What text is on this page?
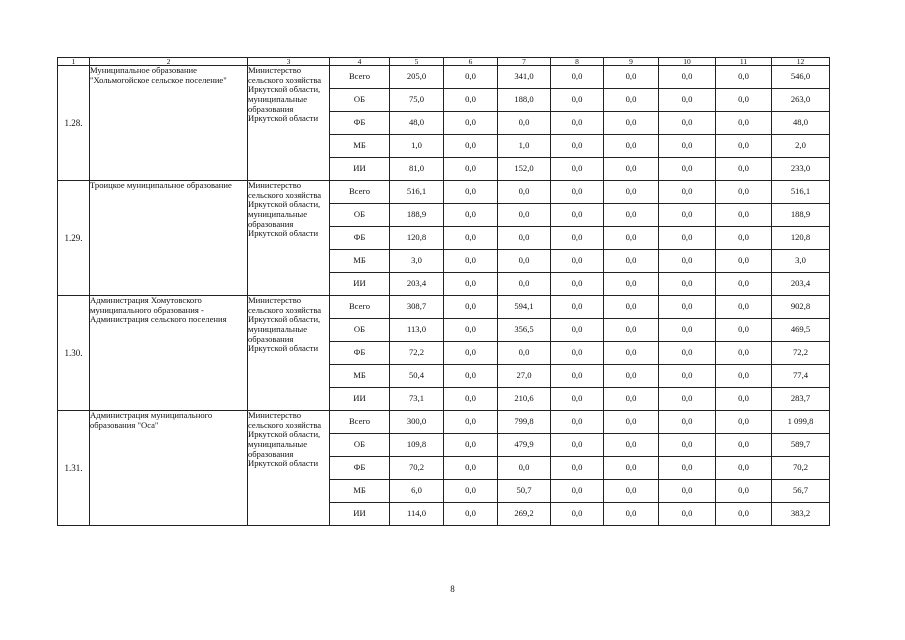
1	2	3	4	5	6	7	8	9	10	11	12
1.28.	Муниципальное образование "Хольмогойское сельское поселение"	Министерство сельского хозяйства Иркутской области, муниципальные образования Иркутской области	Всего	205,0	0,0	341,0	0,0	0,0	0,0	0,0	546,0
			ОБ	75,0	0,0	188,0	0,0	0,0	0,0	0,0	263,0
			ФБ	48,0	0,0	0,0	0,0	0,0	0,0	0,0	48,0
			МБ	1,0	0,0	1,0	0,0	0,0	0,0	0,0	2,0
			ИИ	81,0	0,0	152,0	0,0	0,0	0,0	0,0	233,0
1.29.	Троицкое муниципальное образование	Министерство сельского хозяйства Иркутской области, муниципальные образования Иркутской области	Всего	516,1	0,0	0,0	0,0	0,0	0,0	0,0	516,1
			ОБ	188,9	0,0	0,0	0,0	0,0	0,0	0,0	188,9
			ФБ	120,8	0,0	0,0	0,0	0,0	0,0	0,0	120,8
			МБ	3,0	0,0	0,0	0,0	0,0	0,0	0,0	3,0
			ИИ	203,4	0,0	0,0	0,0	0,0	0,0	0,0	203,4
1.30.	Администрация Хомутовского муниципального образования - Администрация сельского поселения	Министерство сельского хозяйства Иркутской области, муниципальные образования Иркутской области	Всего	308,7	0,0	594,1	0,0	0,0	0,0	0,0	902,8
			ОБ	113,0	0,0	356,5	0,0	0,0	0,0	0,0	469,5
			ФБ	72,2	0,0	0,0	0,0	0,0	0,0	0,0	72,2
			МБ	50,4	0,0	27,0	0,0	0,0	0,0	0,0	77,4
			ИИ	73,1	0,0	210,6	0,0	0,0	0,0	0,0	283,7
1.31.	Администрация муниципального образования "Оса"	Министерство сельского хозяйства Иркутской области, муниципальные образования Иркутской области	Всего	300,0	0,0	799,8	0,0	0,0	0,0	0,0	1 099,8
			ОБ	109,8	0,0	479,9	0,0	0,0	0,0	0,0	589,7
			ФБ	70,2	0,0	0,0	0,0	0,0	0,0	0,0	70,2
			МБ	6,0	0,0	50,7	0,0	0,0	0,0	0,0	56,7
			ИИ	114,0	0,0	269,2	0,0	0,0	0,0	0,0	383,2
8
